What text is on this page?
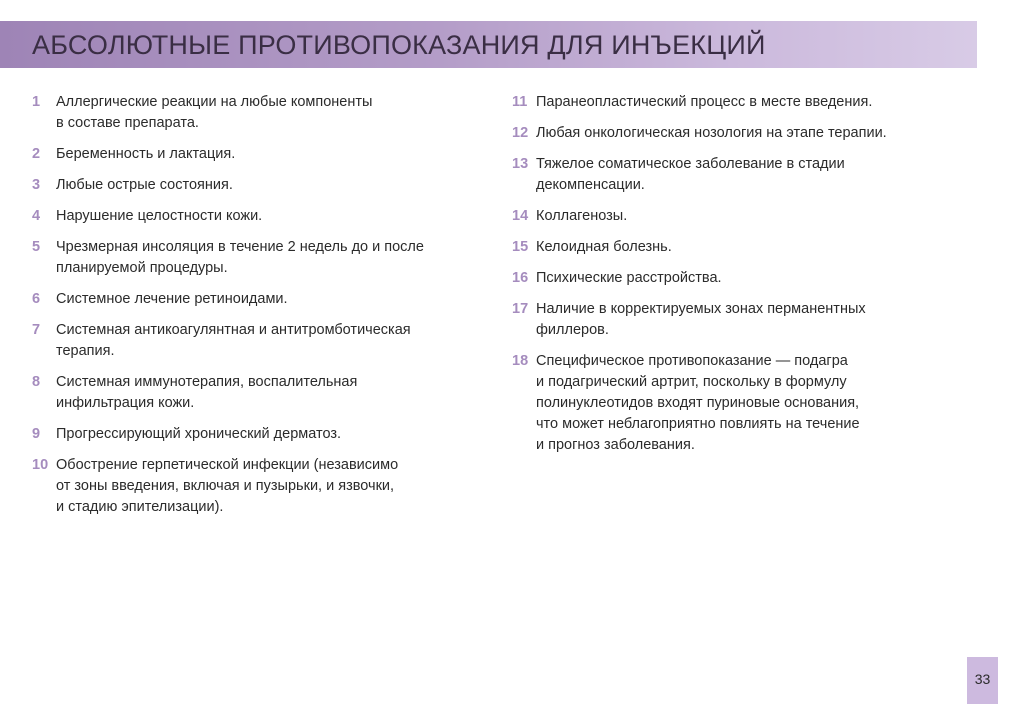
АБСОЛЮТНЫЕ ПРОТИВОПОКАЗАНИЯ ДЛЯ ИНЪЕКЦИЙ
1	Аллергические реакции на любые компоненты
в составе препарата.
2	Беременность и лактация.
3	Любые острые состояния.
4	Нарушение целостности кожи.
5	Чрезмерная инсоляция в течение 2 недель до и после
планируемой процедуры.
6	Системное лечение ретиноидами.
7	Системная антикоагулянтная и антитромботическая
терапия.
8	Системная иммунотерапия, воспалительная
инфильтрация кожи.
9	Прогрессирующий хронический дерматоз.
10 Обострение герпетической инфекции (независимо
от зоны введения, включая и пузырьки, и язвочки,
и стадию эпителизации).
11 Паранеопластический процесс в месте введения.
12 Любая онкологическая нозология на этапе терапии.
13 Тяжелое соматическое заболевание в стадии
декомпенсации.
14 Коллагенозы.
15 Келоидная болезнь.
16 Психические расстройства.
17 Наличие в корректируемых зонах перманентных
филлеров.
18 Специфическое противопоказание — подагра
и подагрический артрит, поскольку в формулу
полинуклеотидов входят пуриновые основания,
что может неблагоприятно повлиять на течение
и прогноз заболевания.
33
